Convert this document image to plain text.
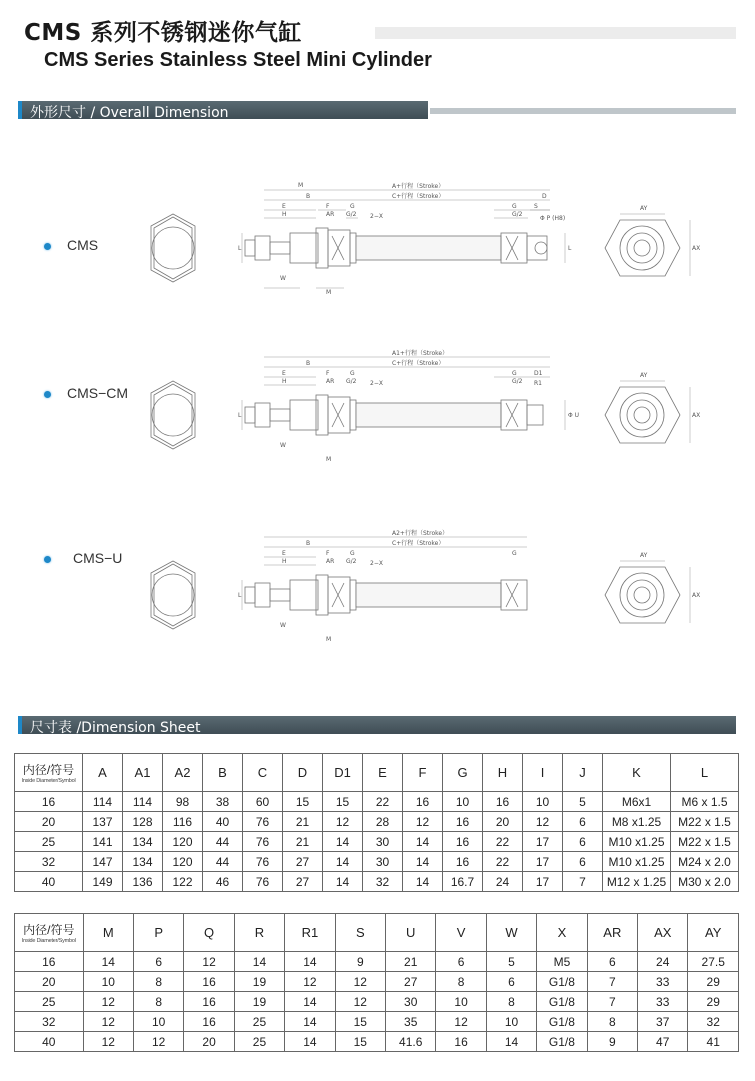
CMS 系列不锈钢迷你气缸
CMS Series Stainless Steel Mini Cylinder
外形尺寸 / Overall Dimension
CMS
CMS−CM
CMS−U
M	A+行程（Stroke）
C+行程（Stroke）
B	D
E	F	G	G	S
H	AR G/2 2−X	G/2
Φ P (H8)
W
M
L	L
AY
AX
A1+行程（Stroke）
C+行程（Stroke）
B
D1
E	F	G	G
H	AR G/2 2−X	G/2 R1
W
M
L	Φ U
AY
AX
A2+行程（Stroke）
C+行程（Stroke）
B
E	F	G	G
H	AR G/2 2−X
W
M
L
AY
AX
尺寸表 /Dimension Sheet
内径/符号
Inside Diameter/Symbol	A	A1	A2	B	C	D	D1	E	F	G	H	I	J	K	L
16	114	114	98	38	60	15	15	22	16	10	16	10	5	M6x1	M6 x 1.5
20	137	128	116	40	76	21	12	28	12	16	20	12	6	M8 x1.25	M22 x 1.5
25	141	134	120	44	76	21	14	30	14	16	22	17	6	M10 x1.25	M22 x 1.5
32	147	134	120	44	76	27	14	30	14	16	22	17	6	M10 x1.25	M24 x 2.0
40	149	136	122	46	76	27	14	32	14	16.7	24	17	7	M12 x 1.25	M30 x 2.0
内径/符号
Inside Diameter/Symbol	M	P	Q	R	R1	S	U	V	W	X	AR	AX	AY
16	14	6	12	14	14	9	21	6	5	M5	6	24	27.5
20	10	8	16	19	12	12	27	8	6	G1/8	7	33	29
25	12	8	16	19	14	12	30	10	8	G1/8	7	33	29
32	12	10	16	25	14	15	35	12	10	G1/8	8	37	32
40	12	12	20	25	14	15	41.6	16	14	G1/8	9	47	41
